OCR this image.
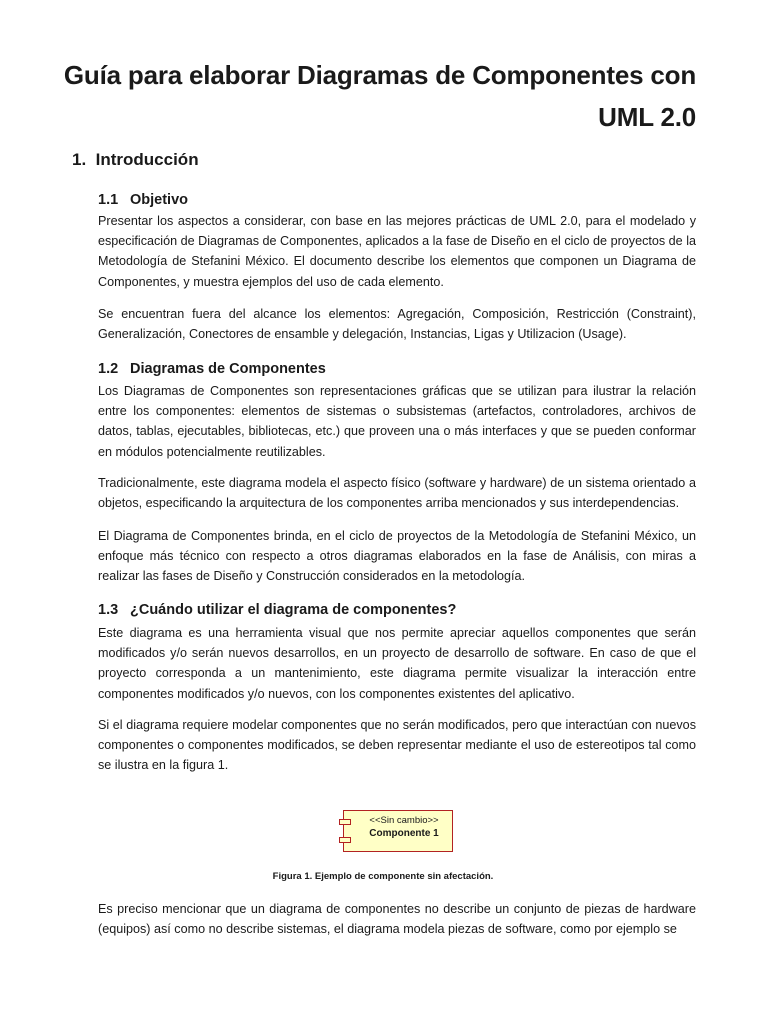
Guía para elaborar Diagramas de Componentes con UML 2.0
1. Introducción
1.1 Objetivo
Presentar los aspectos a considerar, con base en las mejores prácticas de UML 2.0, para el modelado y especificación de Diagramas de Componentes, aplicados a la fase de Diseño en el ciclo de proyectos de la Metodología de Stefanini México. El documento describe los elementos que componen un Diagrama de Componentes, y muestra ejemplos del uso de cada elemento.
Se encuentran fuera del alcance los elementos: Agregación, Composición, Restricción (Constraint), Generalización, Conectores de ensamble y delegación, Instancias, Ligas y Utilizacion (Usage).
1.2 Diagramas de Componentes
Los Diagramas de Componentes son representaciones gráficas que se utilizan para ilustrar la relación entre los componentes: elementos de sistemas o subsistemas (artefactos, controladores, archivos de datos, tablas, ejecutables, bibliotecas, etc.) que proveen una o más interfaces y que se pueden conformar en módulos potencialmente reutilizables.
Tradicionalmente, este diagrama modela el aspecto físico (software y hardware) de un sistema orientado a objetos, especificando la arquitectura de los componentes arriba mencionados y sus interdependencias.
El Diagrama de Componentes brinda, en el ciclo de proyectos de la Metodología de Stefanini México, un enfoque más técnico con respecto a otros diagramas elaborados en la fase de Análisis, con miras a realizar las fases de Diseño y Construcción considerados en la metodología.
1.3 ¿Cuándo utilizar el diagrama de componentes?
Este diagrama es una herramienta visual que nos permite apreciar aquellos componentes que serán modificados y/o serán nuevos desarrollos, en un proyecto de desarrollo de software. En caso de que el proyecto corresponda a un mantenimiento, este diagrama permite visualizar la interacción entre componentes modificados y/o nuevos, con los componentes existentes del aplicativo.
Si el diagrama requiere modelar componentes que no serán modificados, pero que interactúan con nuevos componentes o componentes modificados, se deben representar mediante el uso de estereotipos tal como se ilustra en la figura 1.
<<Sin cambio>>
Componente 1
Figura 1. Ejemplo de componente sin afectación.
Es preciso mencionar que un diagrama de componentes no describe un conjunto de piezas de hardware (equipos) así como no describe sistemas, el diagrama modela piezas de software, como por ejemplo se
